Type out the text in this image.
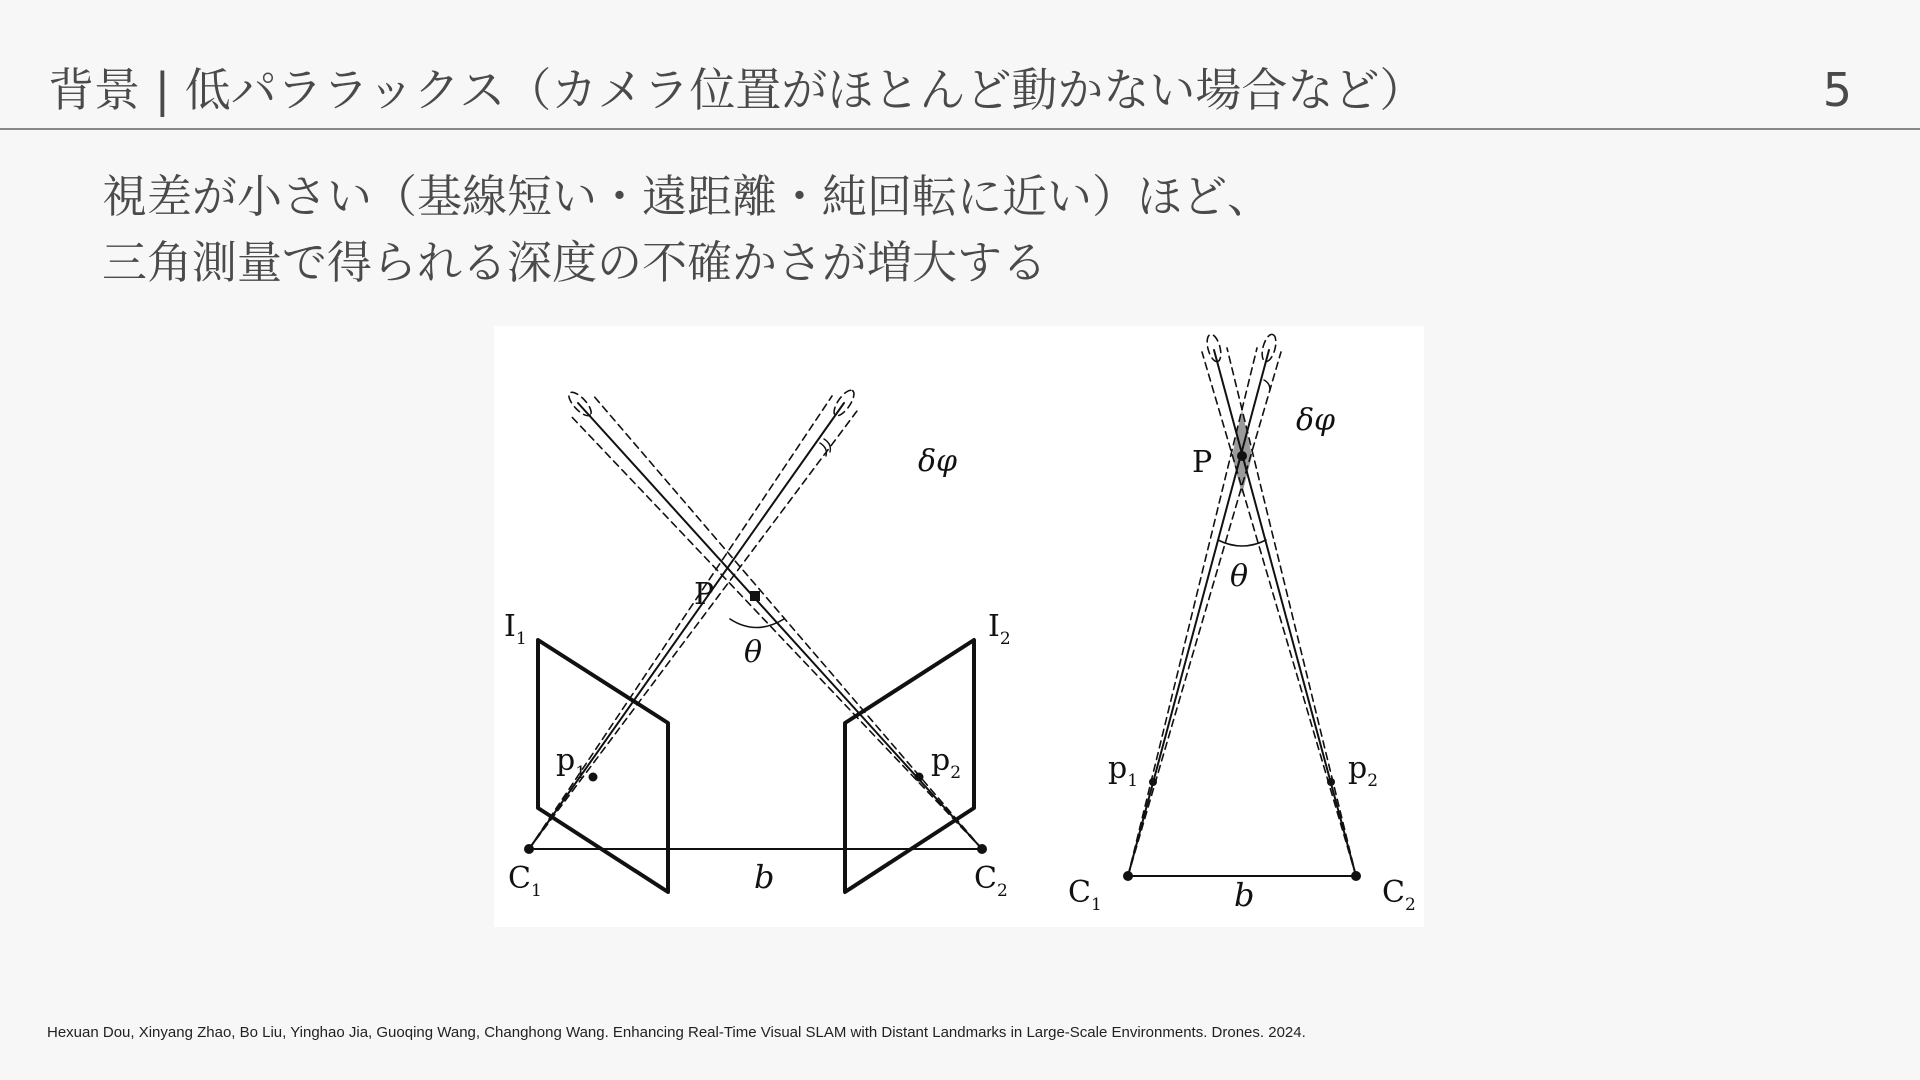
背景 | 低パララックス（カメラ位置がほとんど動かない場合など）	5
視差が小さい（基線短い・遠距離・純回転に近い）ほど、
三角測量で得られる深度の不確かさが増大する
P
θ
δφ
$I_1$	$I_2$
$p_1$	$p_2$
$C_1$	$C_2$
b
P
θ
δφ
$p_1$	$p_2$
$C_1$	$C_2$
b
Hexuan Dou, Xinyang Zhao, Bo Liu, Yinghao Jia, Guoqing Wang, Changhong Wang. Enhancing Real-Time Visual SLAM with Distant Landmarks in Large-Scale Environments. Drones. 2024.
